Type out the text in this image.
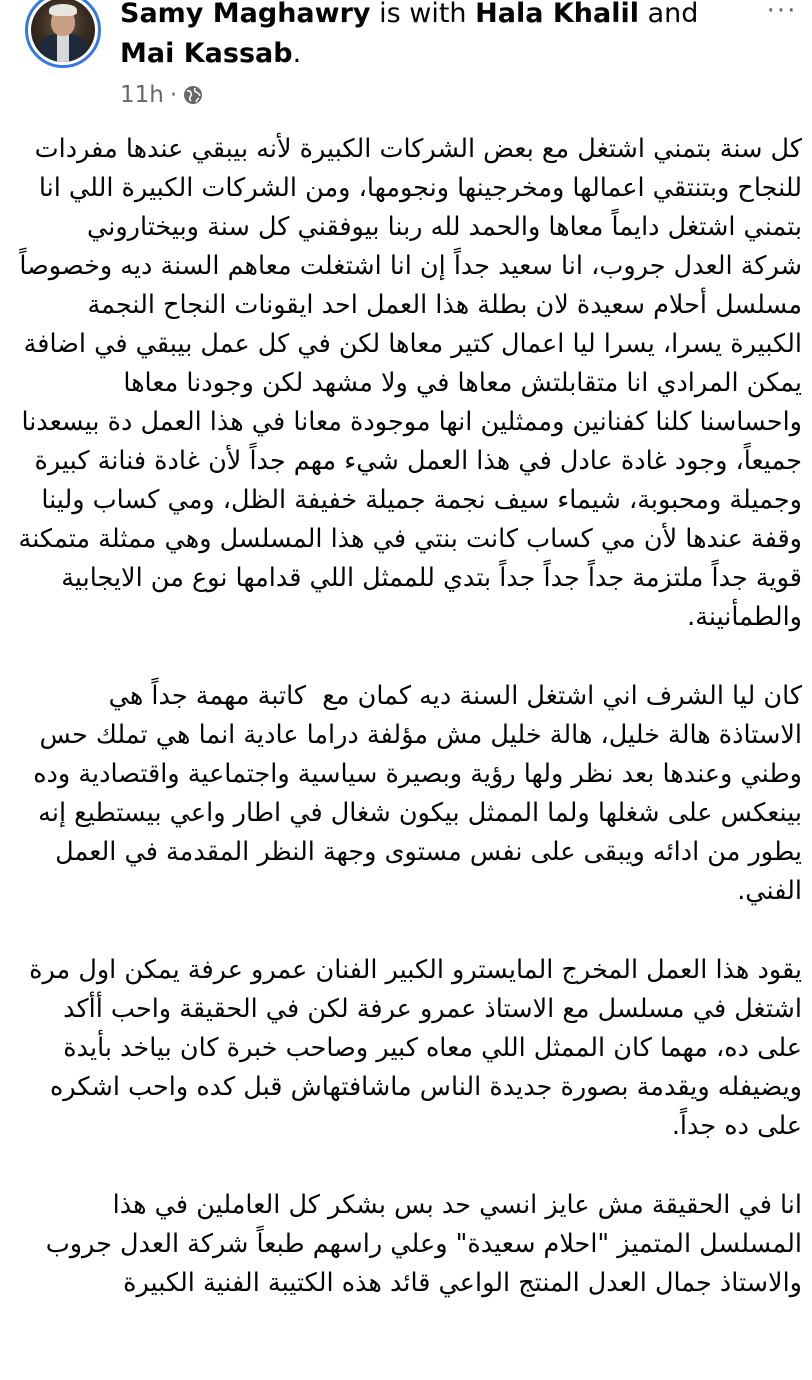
Samy Maghawry is with Hala Khalil and Mai Kassab.
11h ·
···

كل سنة بتمني اشتغل مع بعض الشركات الكبيرة لأنه بيبقي عندها مفردات للنجاح وبتنتقي اعمالها ومخرجينها ونجومها، ومن الشركات الكبيرة اللي انا بتمني اشتغل دايماً معاها والحمد لله ربنا بيوفقني كل سنة وبيختاروني شركة العدل جروب، انا سعيد جداً إن انا اشتغلت معاهم السنة ديه وخصوصاً مسلسل أحلام سعيدة لان بطلة هذا العمل احد ايقونات النجاح النجمة الكبيرة يسرا، يسرا ليا اعمال كتير معاها لكن في كل عمل بيبقي في اضافة يمكن المرادي انا متقابلتش معاها في ولا مشهد لكن وجودنا معاها واحساسنا كلنا كفنانين وممثلين انها موجودة معانا في هذا العمل دة بيسعدنا جميعاً، وجود غادة عادل في هذا العمل شيء مهم جداً لأن غادة فنانة كبيرة وجميلة ومحبوبة، شيماء سيف نجمة جميلة خفيفة الظل، ومي كساب ولينا وقفة عندها لأن مي كساب كانت بنتي في هذا المسلسل وهي ممثلة متمكنة قوية جداً ملتزمة جداً جداً جداً بتدي للممثل اللي قدامها نوع من الايجابية والطمأنينة.

كان ليا الشرف اني اشتغل السنة ديه كمان مع  كاتبة مهمة جداً هي الاستاذة هالة خليل، هالة خليل مش مؤلفة دراما عادية انما هي تملك حس وطني وعندها بعد نظر ولها رؤية وبصيرة سياسية واجتماعية واقتصادية وده بينعكس على شغلها ولما الممثل بيكون شغال في اطار واعي بيستطيع إنه يطور من ادائه ويبقى على نفس مستوى وجهة النظر المقدمة في العمل الفني.

يقود هذا العمل المخرج المايسترو الكبير الفنان عمرو عرفة يمكن اول مرة اشتغل في مسلسل مع الاستاذ عمرو عرفة لكن في الحقيقة واحب أأكد على ده، مهما كان الممثل اللي معاه كبير وصاحب خبرة كان بياخد بأيدة ويضيفله ويقدمة بصورة جديدة الناس ماشافتهاش قبل كده واحب اشكره على ده جداً.

انا في الحقيقة مش عايز انسي حد بس بشكر كل العاملين في هذا المسلسل المتميز "احلام سعيدة" وعلي راسهم طبعاً شركة العدل جروب والاستاذ جمال العدل المنتج الواعي قائد هذه الكتيبة الفنية الكبيرة
